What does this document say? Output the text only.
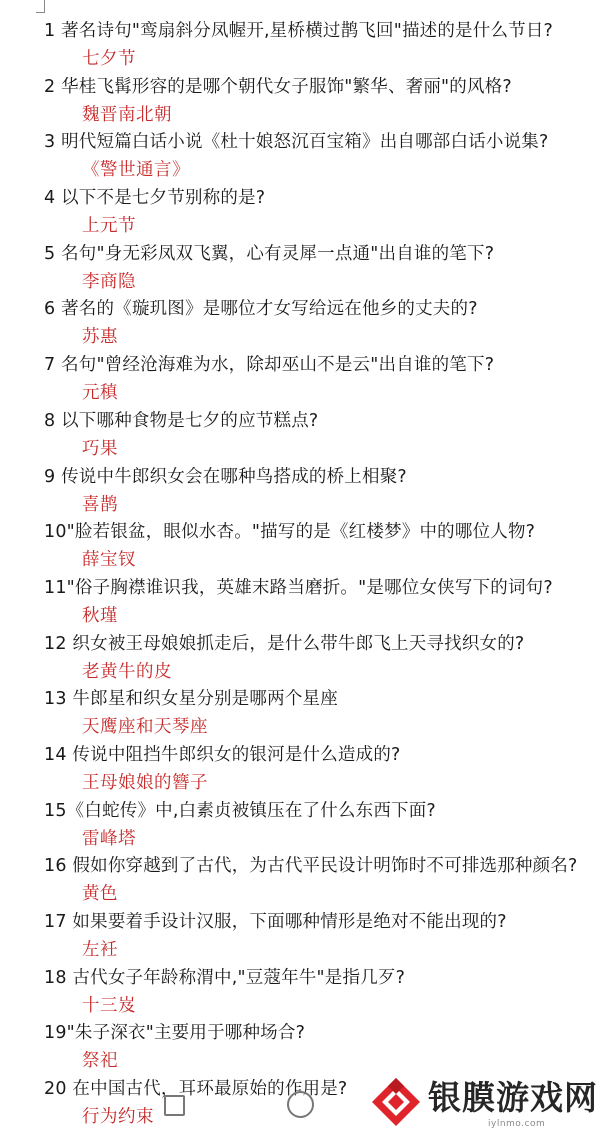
1 著名诗句"鸾扇斜分凤幄开,星桥横过鹊飞回"描述的是什么节日?
七夕节
2 华桂飞髯形容的是哪个朝代女子服饰"繁华、奢丽"的风格?
魏晋南北朝
3 明代短篇白话小说《杜十娘怒沉百宝箱》出自哪部白话小说集?
《警世通言》
4 以下不是七夕节别称的是?
上元节
5 名句"身无彩凤双飞翼，心有灵犀一点通"出自谁的笔下?
李商隐
6 著名的《璇玑图》是哪位才女写给远在他乡的丈夫的?
苏惠
7 名句"曾经沧海难为水，除却巫山不是云"出自谁的笔下?
元稹
8 以下哪种食物是七夕的应节糕点?
巧果
9 传说中牛郎织女会在哪种鸟搭成的桥上相聚?
喜鹊
10"脸若银盆，眼似水杏。"描写的是《红楼梦》中的哪位人物?
薛宝钗
11"俗子胸襟谁识我，英雄末路当磨折。"是哪位女侠写下的词句?
秋瑾
12 织女被王母娘娘抓走后，是什么带牛郎飞上天寻找织女的?
老黄牛的皮
13 牛郎星和织女星分别是哪两个星座
天鹰座和天琴座
14 传说中阻挡牛郎织女的银河是什么造成的?
王母娘娘的簪子
15《白蛇传》中,白素贞被镇压在了什么东西下面?
雷峰塔
16 假如你穿越到了古代，为古代平民设计明饰时不可排选那种颜名?
黄色
17 如果要着手设计汉服，下面哪种情形是绝对不能出现的?
左衽
18 古代女子年龄称渭中,"豆蔻年牛"是指几歹?
十三岌
19"朱子深衣"主要用于哪种场合?
祭祀
20 在中国古代，耳环最原始的作用是?
行为约束
银膜游戏网
iylnmo.com
